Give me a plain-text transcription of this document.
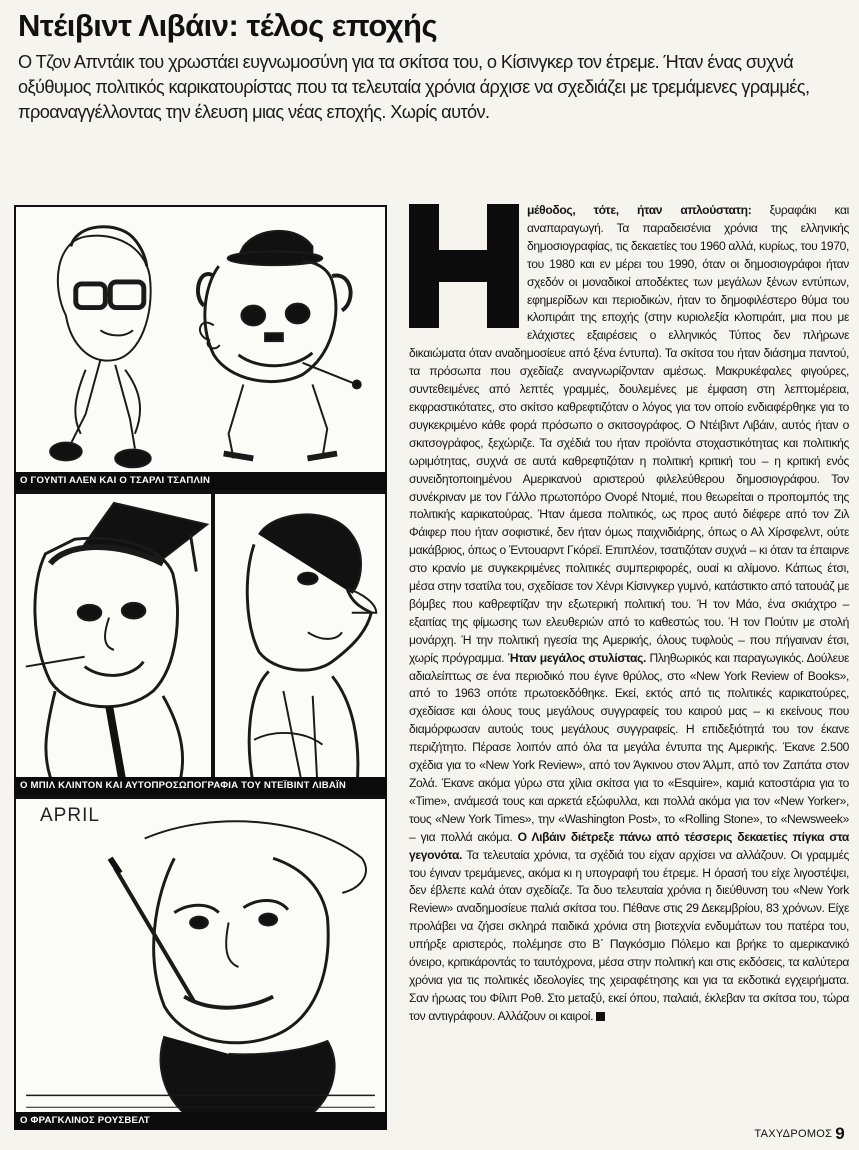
Ντέιβιντ Λιβάιν: τέλος εποχής
Ο Τζον Απντάικ του χρωστάει ευγνωμοσύνη για τα σκίτσα του, ο Κίσινγκερ τον έτρεμε. Ήταν ένας συχνά οξύθυμος πολιτικός καρικατουρίστας που τα τελευταία χρόνια άρχισε να σχεδιάζει με τρεμάμενες γραμμές, προαναγγέλλοντας την έλευση μιας νέας εποχής. Χωρίς αυτόν.
APRIL
Ο ΓΟΥΝΤΙ ΑΛΕΝ ΚΑΙ Ο ΤΣΑΡΛΙ ΤΣΑΠΛΙΝ
Ο ΜΠΙΛ ΚΛΙΝΤΟΝ ΚΑΙ ΑΥΤΟΠΡΟΣΩΠΟΓΡΑΦΙΑ ΤΟΥ ΝΤΕΪΒΙΝΤ ΛΙΒΑΪΝ
Ο ΦΡΑΓΚΛΙΝΟΣ ΡΟΥΣΒΕΛΤ
μέθοδος, τότε, ήταν απλούστατη: ξυραφάκι και αναπαραγωγή. Τα παραδεισένια χρόνια της ελληνικής δημοσιογραφίας, τις δεκαετίες του 1960 αλλά, κυρίως, του 1970, του 1980 και εν μέρει του 1990, όταν οι δημοσιογράφοι ήταν σχεδόν οι μοναδικοί αποδέκτες των μεγάλων ξένων εντύπων, εφημερίδων και περιοδικών, ήταν το δημοφιλέστερο θύμα του κλοπιράιτ της εποχής (στην κυριολεξία κλοπιράιτ, μια που με ελάχιστες εξαιρέσεις ο ελληνικός Τύπος δεν πλήρωνε δικαιώματα όταν αναδημοσίευε από ξένα έντυπα). Τα σκίτσα του ήταν διάσημα παντού, τα πρόσωπα που σχεδίαζε αναγνωρίζονταν αμέσως. Μακρυκέφαλες φιγούρες, συντεθειμένες από λεπτές γραμμές, δουλεμένες με έμφαση στη λεπτομέρεια, εκφραστικότατες, στο σκίτσο καθρεφτιζόταν ο λόγος για τον οποίο ενδιαφέρθηκε για το συγκεκριμένο κάθε φορά πρόσωπο ο σκιτσογράφος. Ο Ντέιβιντ Λιβάιν, αυτός ήταν ο σκιτσογράφος, ξεχώριζε. Τα σχέδιά του ήταν προϊόντα στοχαστικότητας και πολιτικής ωριμότητας, συχνά σε αυτά καθρεφτιζόταν η πολιτική κριτική του – η κριτική ενός συνειδητοποιημένου Αμερικανού αριστερού φιλελεύθερου δημοσιογράφου. Τον συνέκριναν με τον Γάλλο πρωτοπόρο Ονορέ Ντομιέ, που θεωρείται ο προπομπός της πολιτικής καρικατούρας. Ήταν άμεσα πολιτικός, ως προς αυτό διέφερε από τον Ζιλ Φάιφερ που ήταν σοφιστικέ, δεν ήταν όμως παιχνιδιάρης, όπως ο Αλ Χίρσφελντ, ούτε μακάβριος, όπως ο Έντουαρντ Γκόρεϊ. Επιπλέον, τσατιζόταν συχνά – κι όταν τα έπαιρνε στο κρανίο με συγκεκριμένες πολιτικές συμπεριφορές, ουαί κι αλίμονο. Κάπως έτσι, μέσα στην τσατίλα του, σχεδίασε τον Χένρι Κίσινγκερ γυμνό, κατάστικτο από τατουάζ με βόμβες που καθρεφτίζαν την εξωτερική πολιτική του. Ή τον Μάο, ένα σκιάχτρο – εξαιτίας της φίμωσης των ελευθεριών από το καθεστώς του. Ή τον Πούτιν με στολή μονάρχη. Ή την πολιτική ηγεσία της Αμερικής, όλους τυφλούς – που πήγαιναν έτσι, χωρίς πρόγραμμα. Ήταν μεγάλος στυλίστας. Πληθωρικός και παραγωγικός. Δούλευε αδιαλείπτως σε ένα περιοδικό που έγινε θρύλος, στο «New York Review of Books», από το 1963 οπότε πρωτοεκδόθηκε. Εκεί, εκτός από τις πολιτικές καρικατούρες, σχεδίασε και όλους τους μεγάλους συγγραφείς του καιρού μας – κι εκείνους που διαμόρφωσαν αυτούς τους μεγάλους συγγραφείς. Η επιδεξιότητά του τον έκανε περιζήτητο. Πέρασε λοιπόν από όλα τα μεγάλα έντυπα της Αμερικής. Έκανε 2.500 σχέδια για το «New York Review», από τον Άγκινου στον Άλμπ, από τον Ζαπάτα στον Ζολά. Έκανε ακόμα γύρω στα χίλια σκίτσα για το «Esquire», καμιά κατοστάρια για το «Time», ανάμεσά τους και αρκετά εξώφυλλα, και πολλά ακόμα για τον «New Yorker», τους «New York Times», την «Washington Post», το «Rolling Stone», το «Newsweek» – για πολλά ακόμα. Ο Λιβάιν διέτρεξε πάνω από τέσσερις δεκαετίες πίγκα στα γεγονότα. Τα τελευταία χρόνια, τα σχέδιά του είχαν αρχίσει να αλλάζουν. Οι γραμμές του έγιναν τρεμάμενες, ακόμα κι η υπογραφή του έτρεμε. Η όρασή του είχε λιγοστέψει, δεν έβλεπε καλά όταν σχεδίαζε. Τα δυο τελευταία χρόνια η διεύθυνση του «New York Review» αναδημοσίευε παλιά σκίτσα του. Πέθανε στις 29 Δεκεμβρίου, 83 χρόνων. Είχε προλάβει να ζήσει σκληρά παιδικά χρόνια στη βιοτεχνία ενδυμάτων του πατέρα του, υπήρξε αριστερός, πολέμησε στο Β΄ Παγκόσμιο Πόλεμο και βρήκε το αμερικανικό όνειρο, κριτικάροντάς το ταυτόχρονα, μέσα στην πολιτική και στις εκδόσεις, τα καλύτερα χρόνια για τις πολιτικές ιδεολογίες της χειραφέτησης και για τα εκδοτικά εγχειρήματα. Σαν ήρωας του Φίλιπ Ροθ. Στο μεταξύ, εκεί όπου, παλαιά, έκλεβαν τα σκίτσα του, τώρα τον αντιγράφουν. Αλλάζουν οι καιροί.
ΤΑΧΥΔΡΟΜΟΣ 9
